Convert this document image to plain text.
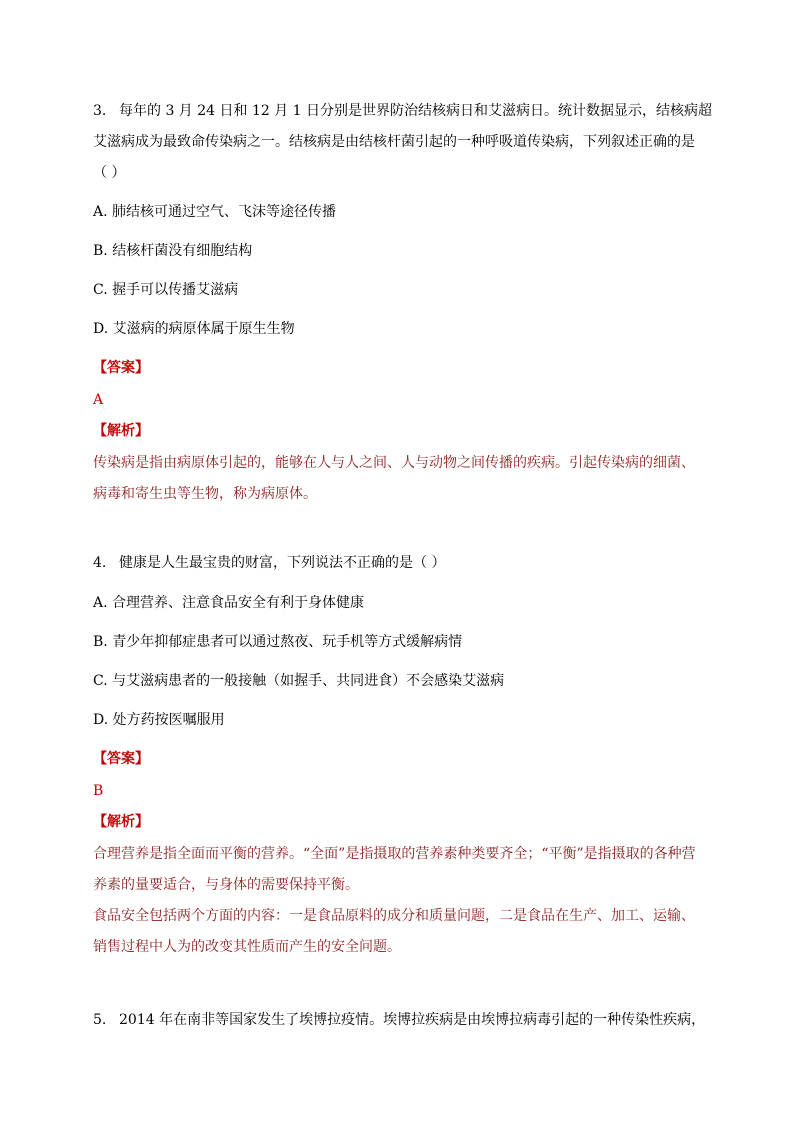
3. 每年的 3 月 24 日和 12 月 1 日分别是世界防治结核病日和艾滋病日。统计数据显示，结核病超
艾滋病成为最致命传染病之一。结核病是由结核杆菌引起的一种呼吸道传染病，下列叙述正确的是
（ ）
A. 肺结核可通过空气、飞沫等途径传播
B. 结核杆菌没有细胞结构
C. 握手可以传播艾滋病
D. 艾滋病的病原体属于原生生物
【答案】
A
【解析】
传染病是指由病原体引起的，能够在人与人之间、人与动物之间传播的疾病。引起传染病的细菌、
病毒和寄生虫等生物，称为病原体。
4. 健康是人生最宝贵的财富，下列说法不正确的是（ ）
A. 合理营养、注意食品安全有利于身体健康
B. 青少年抑郁症患者可以通过熬夜、玩手机等方式缓解病情
C. 与艾滋病患者的一般接触（如握手、共同进食）不会感染艾滋病
D. 处方药按医嘱服用
【答案】
B
【解析】
合理营养是指全面而平衡的营养。“全面”是指摄取的营养素种类要齐全；“平衡”是指摄取的各种营
养素的量要适合，与身体的需要保持平衡。
食品安全包括两个方面的内容：一是食品原料的成分和质量问题，二是食品在生产、加工、运输、
销售过程中人为的改变其性质而产生的安全问题。
5. 2014 年在南非等国家发生了埃博拉疫情。埃博拉疾病是由埃博拉病毒引起的一种传染性疾病，
